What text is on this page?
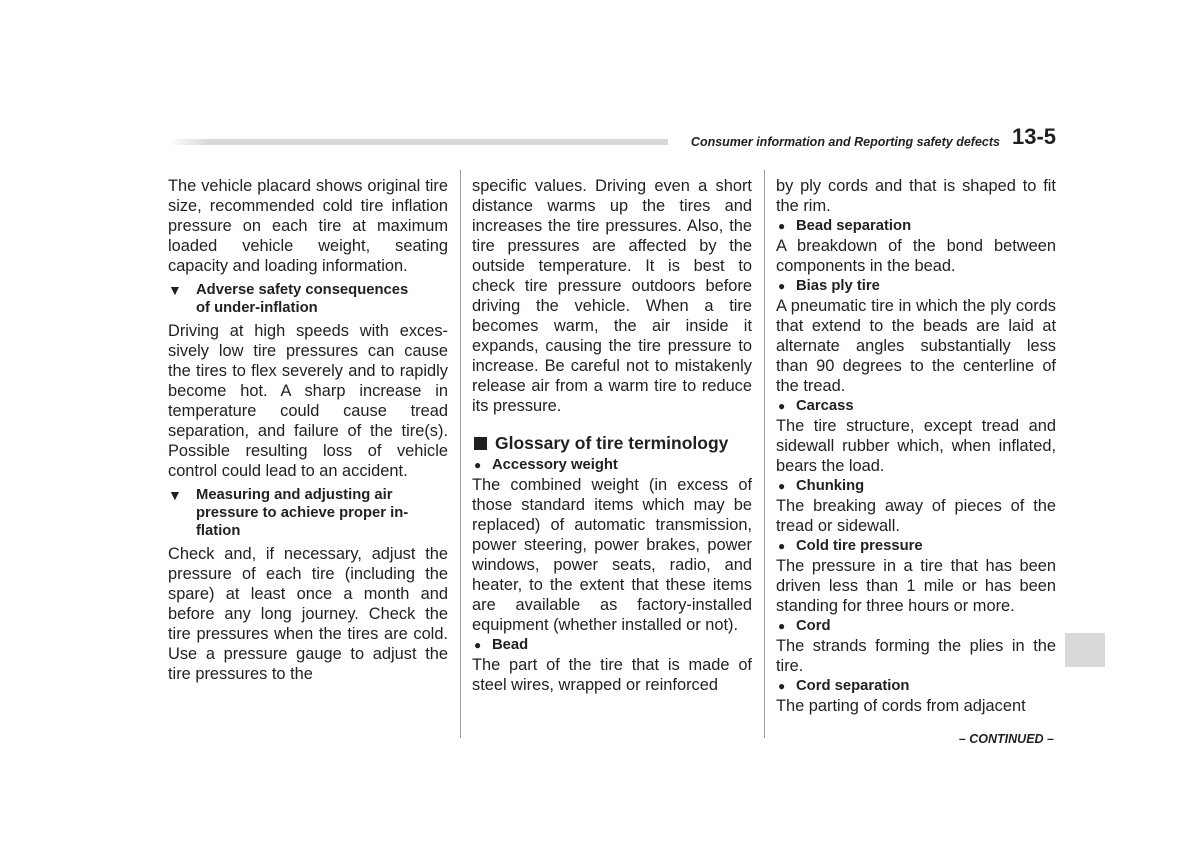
Consumer information and Reporting safety defects 13-5

The vehicle placard shows original tire size, recommended cold tire inflation pressure on each tire at maximum loaded vehicle weight, seating capacity and loading information.

▼ Adverse safety consequences
of under-inflation

Driving at high speeds with excessively low tire pressures can cause the tires to flex severely and to rapidly become hot. A sharp increase in temperature could cause tread separation, and failure of the tire(s). Possible resulting loss of vehicle control could lead to an accident.

▼ Measuring and adjusting air
pressure to achieve proper in-
flation

Check and, if necessary, adjust the pressure of each tire (including the spare) at least once a month and before any long journey. Check the tire pressures when the tires are cold. Use a pressure gauge to adjust the tire pressures to the

specific values. Driving even a short distance warms up the tires and increases the tire pressures. Also, the tire pressures are affected by the outside temperature. It is best to check tire pressure outdoors before driving the vehicle. When a tire becomes warm, the air inside it expands, causing the tire pressure to increase. Be careful not to mistakenly release air from a warm tire to reduce its pressure.

Glossary of tire terminology
● Accessory weight

The combined weight (in excess of those standard items which may be replaced) of automatic transmission, power steering, power brakes, power windows, power seats, radio, and heater, to the extent that these items are available as factory-installed equipment (whether installed or not).

● Bead

The part of the tire that is made of steel wires, wrapped or reinforced

by ply cords and that is shaped to fit the rim.

● Bead separation

A breakdown of the bond between components in the bead.

● Bias ply tire

A pneumatic tire in which the ply cords that extend to the beads are laid at alternate angles substantially less than 90 degrees to the centerline of the tread.

● Carcass

The tire structure, except tread and sidewall rubber which, when inflated, bears the load.

● Chunking

The breaking away of pieces of the tread or sidewall.

● Cold tire pressure

The pressure in a tire that has been driven less than 1 mile or has been standing for three hours or more.

● Cord

The strands forming the plies in the tire.

● Cord separation

The parting of cords from adjacent

– CONTINUED –
